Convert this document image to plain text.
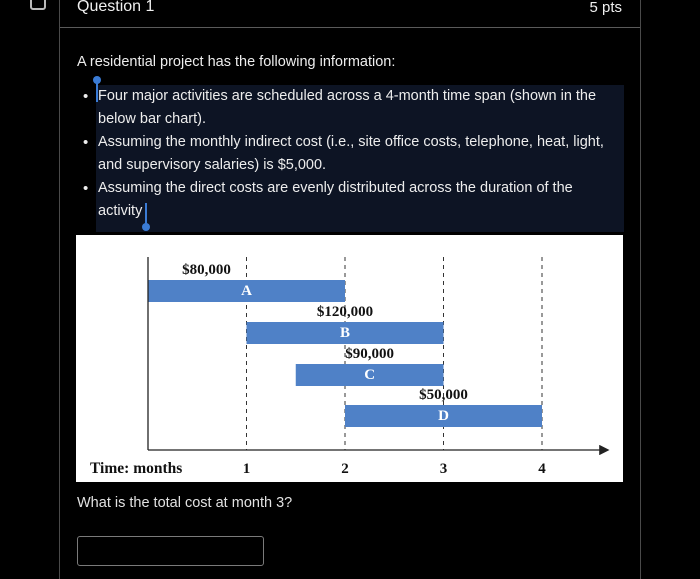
Question 1	5 pts
A residential project has the following information:
• Four major activities are scheduled across a 4-month time span (shown in the below bar chart).
• Assuming the monthly indirect cost (i.e., site office costs, telephone, heat, light, and supervisory salaries) is $5,000.
• Assuming the direct costs are evenly distributed across the duration of the activity
What is the total cost at month 3?
A
$80,000
B
$120,000
C
$90,000
D
$50,000
Time: months	1	2	3	4
